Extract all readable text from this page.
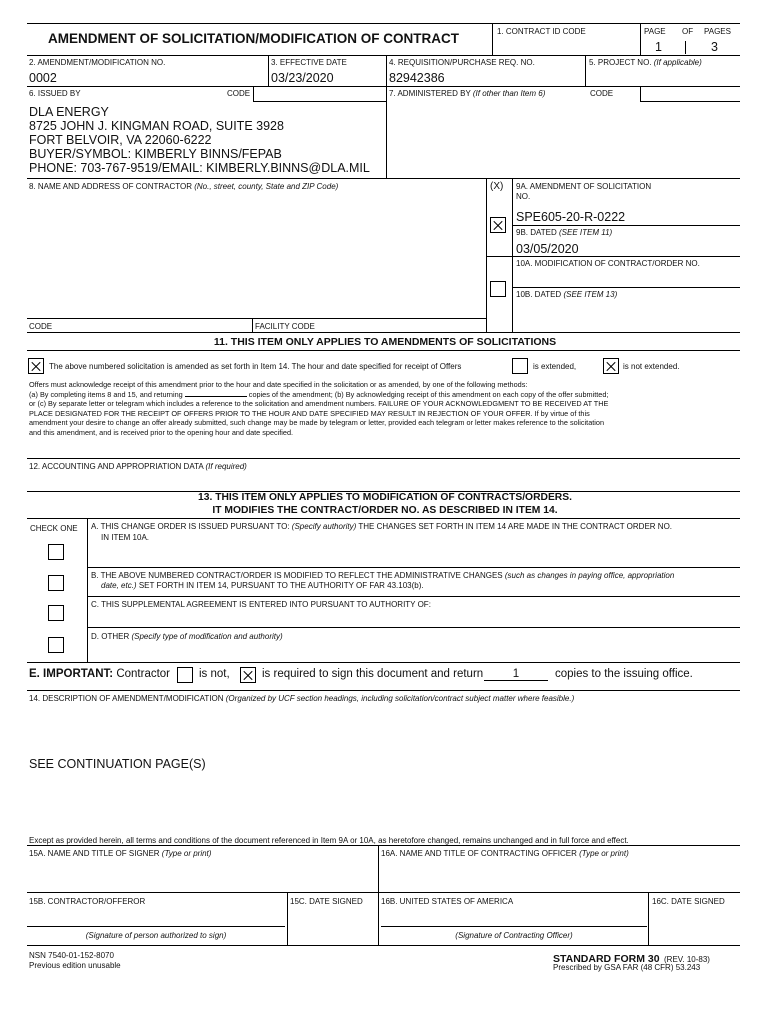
AMENDMENT OF SOLICITATION/MODIFICATION OF CONTRACT	1. CONTRACT ID CODE	PAGE OF PAGES
1	3
2. AMENDMENT/MODIFICATION NO.
0002
3. EFFECTIVE DATE
03/23/2020
4. REQUISITION/PURCHASE REQ. NO.
82942386
5. PROJECT NO. (If applicable)
6. ISSUED BY	CODE	7. ADMINISTERED BY (If other than Item 6)	CODE
DLA ENERGY
8725 JOHN J. KINGMAN ROAD, SUITE 3928
FORT BELVOIR, VA 22060-6222
BUYER/SYMBOL: KIMBERLY BINNS/FEPAB
PHONE: 703-767-9519/EMAIL: KIMBERLY.BINNS@DLA.MIL
8. NAME AND ADDRESS OF CONTRACTOR (No., street, county, State and ZIP Code)	(X) 9A. AMENDMENT OF SOLICITATION
NO.
SPE605-20-R-0222
9B. DATED (SEE ITEM 11)
03/05/2020
10A. MODIFICATION OF CONTRACT/ORDER NO.
10B. DATED (SEE ITEM 13)
CODE	FACILITY CODE
11. THIS ITEM ONLY APPLIES TO AMENDMENTS OF SOLICITATIONS
The above numbered solicitation is amended as set forth in Item 14. The hour and date specified for receipt of Offers	is extended,	is not extended.
Offers must acknowledge receipt of this amendment prior to the hour and date specified in the solicitation or as amended, by one of the following methods:
(a) By completing items 8 and 15, and returning	copies of the amendment; (b) By acknowledging receipt of this amendment on each copy of the offer submitted;
or (c) By separate letter or telegram which includes a reference to the solicitation and amendment numbers. FAILURE OF YOUR ACKNOWLEDGMENT TO BE RECEIVED AT THE
PLACE DESIGNATED FOR THE RECEIPT OF OFFERS PRIOR TO THE HOUR AND DATE SPECIFIED MAY RESULT IN REJECTION OF YOUR OFFER. If by virtue of this
amendment your desire to change an offer already submitted, such change may be made by telegram or letter, provided each telegram or letter makes reference to the solicitation
and this amendment, and is received prior to the opening hour and date specified.
12. ACCOUNTING AND APPROPRIATION DATA (If required)
13. THIS ITEM ONLY APPLIES TO MODIFICATION OF CONTRACTS/ORDERS.
IT MODIFIES THE CONTRACT/ORDER NO. AS DESCRIBED IN ITEM 14.
CHECK ONE A. THIS CHANGE ORDER IS ISSUED PURSUANT TO: (Specify authority) THE CHANGES SET FORTH IN ITEM 14 ARE MADE IN THE CONTRACT ORDER NO.
IN ITEM 10A.
B. THE ABOVE NUMBERED CONTRACT/ORDER IS MODIFIED TO REFLECT THE ADMINISTRATIVE CHANGES (such as changes in paying office, appropriation
date, etc.) SET FORTH IN ITEM 14, PURSUANT TO THE AUTHORITY OF FAR 43.103(b).
C. THIS SUPPLEMENTAL AGREEMENT IS ENTERED INTO PURSUANT TO AUTHORITY OF:
D. OTHER (Specify type of modification and authority)
E. IMPORTANT: Contractor	is not,	is required to sign this document and return	1	copies to the issuing office.
14. DESCRIPTION OF AMENDMENT/MODIFICATION (Organized by UCF section headings, including solicitation/contract subject matter where feasible.)
SEE CONTINUATION PAGE(S)
Except as provided herein, all terms and conditions of the document referenced in Item 9A or 10A, as heretofore changed, remains unchanged and in full force and effect.
15A. NAME AND TITLE OF SIGNER (Type or print)	16A. NAME AND TITLE OF CONTRACTING OFFICER (Type or print)
15B. CONTRACTOR/OFFEROR	15C. DATE SIGNED 16B. UNITED STATES OF AMERICA	16C. DATE SIGNED
(Signature of person authorized to sign)	(Signature of Contracting Officer)
NSN 7540-01-152-8070
Previous edition unusable
STANDARD FORM 30 (REV. 10-83)
Prescribed by GSA FAR (48 CFR) 53.243
